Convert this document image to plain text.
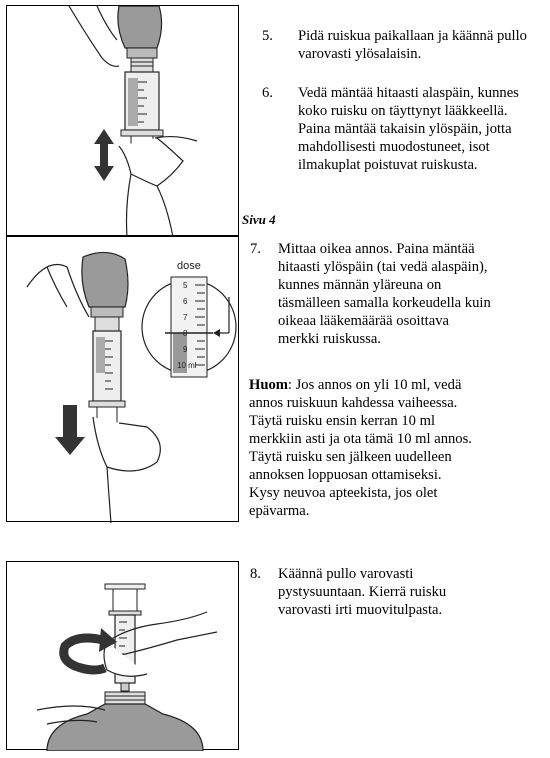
5.	Pidä ruiskua paikallaan ja käännä pullo

varovasti ylösalaisin.

6.	Vedä mäntää hitaasti alaspäin, kunnes

koko ruisku on täyttynyt lääkkeellä.

Paina mäntää takaisin ylöspäin, jotta

mahdollisesti muodostuneet, isot

ilmakuplat poistuvat ruiskusta.

Sivu 4
dose
5
6
7
8
9
10 ml
7.	Mittaa oikea annos. Paina mäntää

hitaasti ylöspäin (tai vedä alaspäin),

kunnes männän yläreuna on

täsmälleen samalla korkeudella kuin

oikeaa lääkemäärää osoittava

merkki ruiskussa.

Huom: Jos annos on yli 10 ml, vedä

annos ruiskuun kahdessa vaiheessa.

Täytä ruisku ensin kerran 10 ml

merkkiin asti ja ota tämä 10 ml annos.

Täytä ruisku sen jälkeen uudelleen

annoksen loppuosan ottamiseksi.

Kysy neuvoa apteekista, jos olet

epävarma.

8.	Käännä pullo varovasti

pystysuuntaan. Kierrä ruisku

varovasti irti muovitulpasta.
